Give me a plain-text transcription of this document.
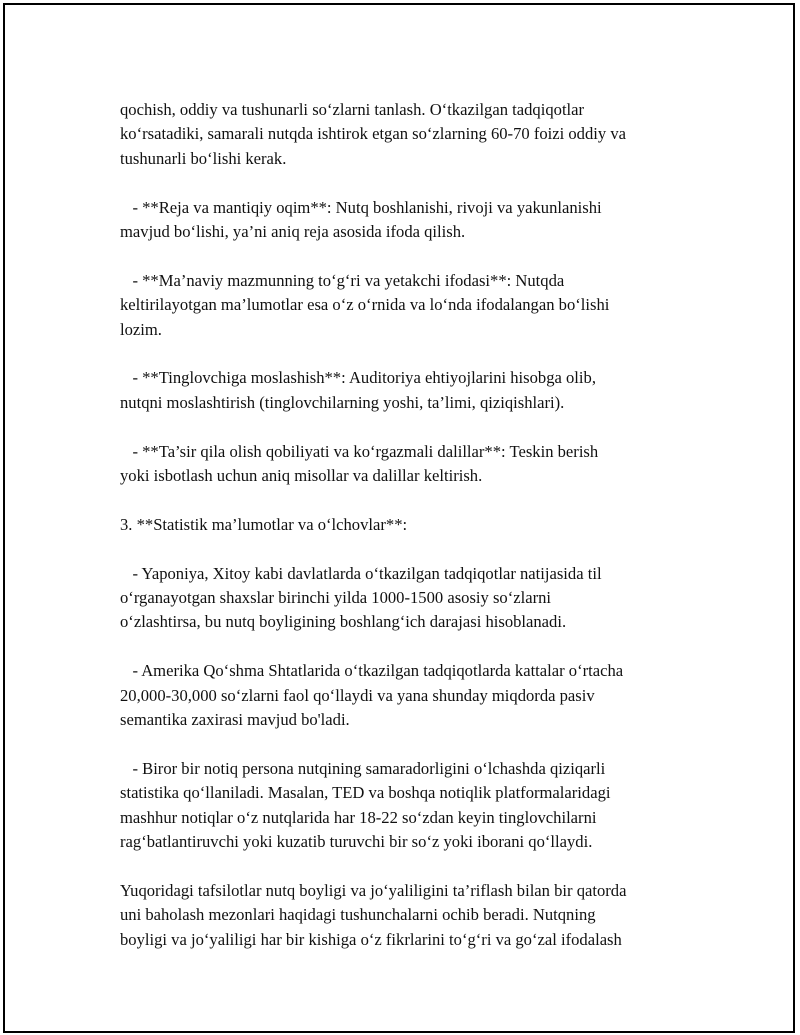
qochish, oddiy va tushunarli so‘zlarni tanlash. O‘tkazilgan tadqiqotlar
ko‘rsatadiki, samarali nutqda ishtirok etgan so‘zlarning 60-70 foizi oddiy va
tushunarli bo‘lishi kerak.

- **Reja va mantiqiy oqim**: Nutq boshlanishi, rivoji va yakunlanishi
mavjud bo‘lishi, ya’ni aniq reja asosida ifoda qilish.

- **Ma’naviy mazmunning to‘g‘ri va yetakchi ifodasi**: Nutqda
keltirilayotgan ma’lumotlar esa o‘z o‘rnida va lo‘nda ifodalangan bo‘lishi
lozim.

- **Tinglovchiga moslashish**: Auditoriya ehtiyojlarini hisobga olib,
nutqni moslashtirish (tinglovchilarning yoshi, ta’limi, qiziqishlari).

- **Ta’sir qila olish qobiliyati va ko‘rgazmali dalillar**: Teskin berish
yoki isbotlash uchun aniq misollar va dalillar keltirish.

3. **Statistik ma’lumotlar va o‘lchovlar**:

- Yaponiya, Xitoy kabi davlatlarda o‘tkazilgan tadqiqotlar natijasida til
o‘rganayotgan shaxslar birinchi yilda 1000-1500 asosiy so‘zlarni
o‘zlashtirsa, bu nutq boyligining boshlang‘ich darajasi hisoblanadi.

- Amerika Qo‘shma Shtatlarida o‘tkazilgan tadqiqotlarda kattalar o‘rtacha
20,000-30,000 so‘zlarni faol qo‘llaydi va yana shunday miqdorda pasiv
semantika zaxirasi mavjud bo'ladi.

- Biror bir notiq persona nutqining samaradorligini o‘lchashda qiziqarli
statistika qo‘llaniladi. Masalan, TED va boshqa notiqlik platformalaridagi
mashhur notiqlar o‘z nutqlarida har 18-22 so‘zdan keyin tinglovchilarni
rag‘batlantiruvchi yoki kuzatib turuvchi bir so‘z yoki iborani qo‘llaydi.

Yuqoridagi tafsilotlar nutq boyligi va jo‘yaliligini ta’riflash bilan bir qatorda
uni baholash mezonlari haqidagi tushunchalarni ochib beradi. Nutqning
boyligi va jo‘yaliligi har bir kishiga o‘z fikrlarini to‘g‘ri va go‘zal ifodalash
